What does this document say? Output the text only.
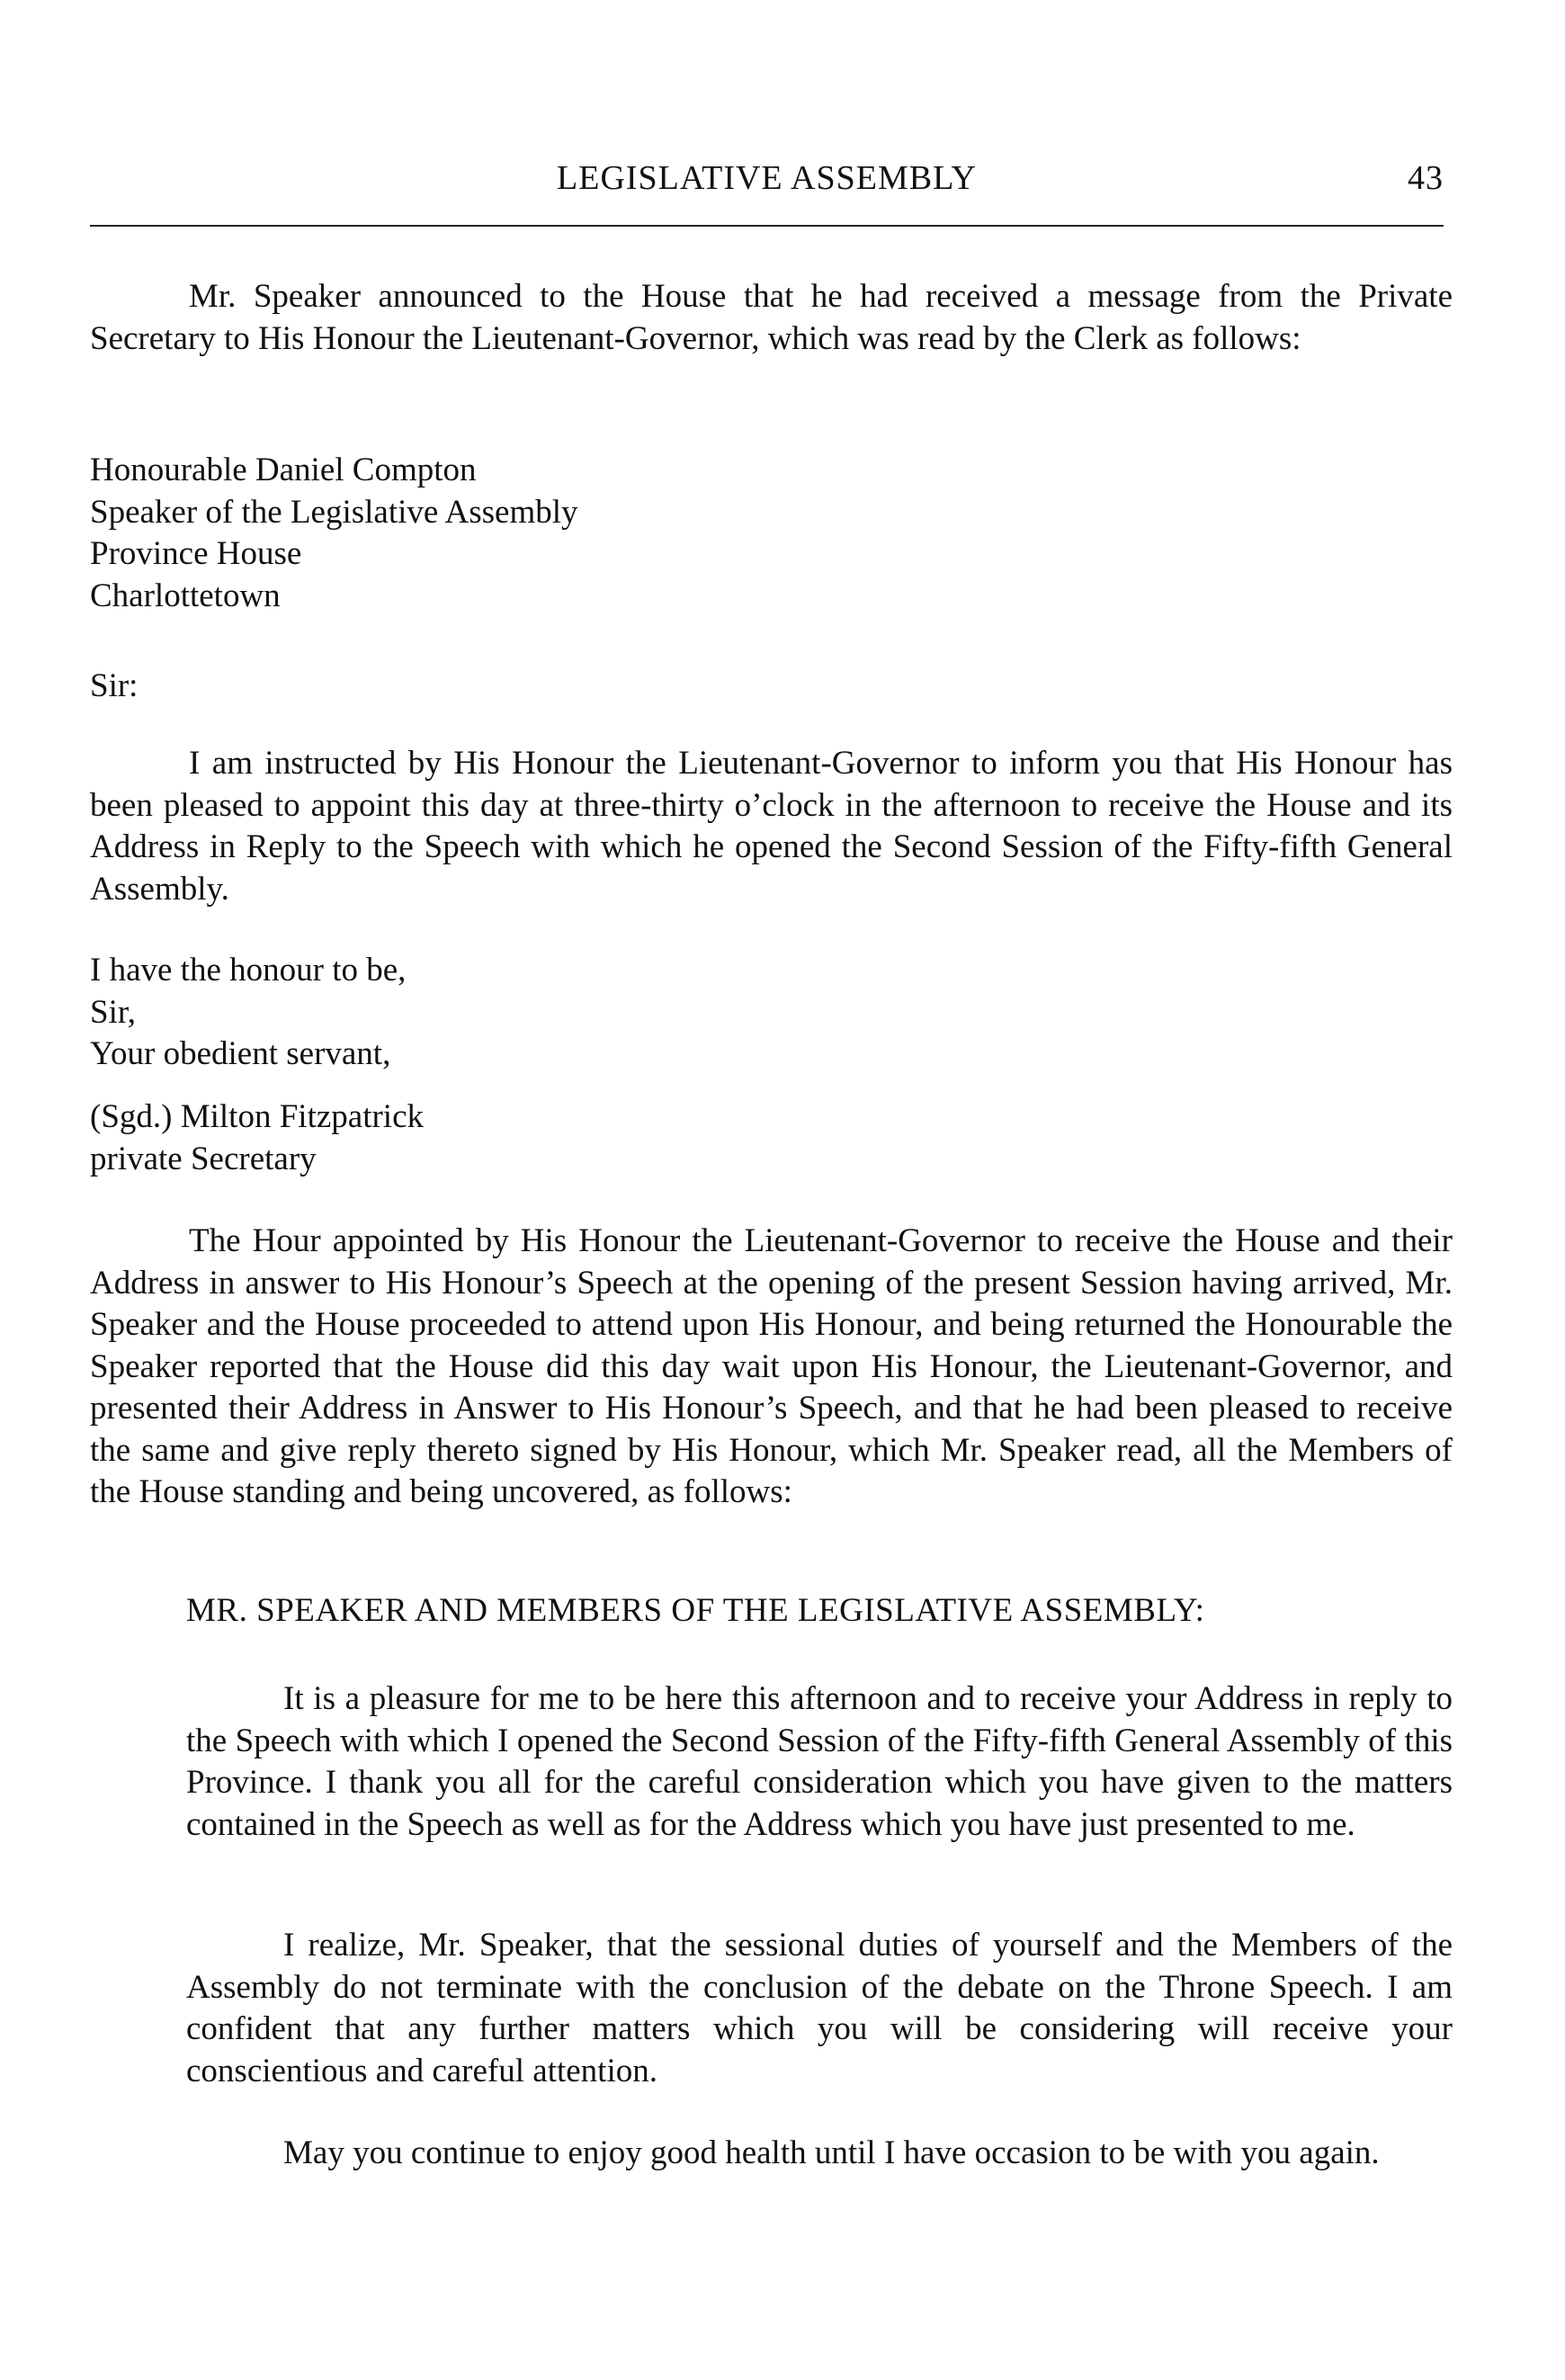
LEGISLATIVE ASSEMBLY	43

Mr. Speaker announced to the House that he had received a message from the Private Secretary to His Honour the Lieutenant-Governor, which was read by the Clerk as follows:

Honourable Daniel Compton
Speaker of the Legislative Assembly
Province House
Charlottetown
Sir:

I am instructed by His Honour the Lieutenant-Governor to inform you that His Honour has been pleased to appoint this day at three-thirty o’clock in the afternoon to receive the House and its Address in Reply to the Speech with which he opened the Second Session of the Fifty-fifth General Assembly.

I have the honour to be,
Sir,
Your obedient servant,
(Sgd.) Milton Fitzpatrick
private Secretary

The Hour appointed by His Honour the Lieutenant-Governor to receive the House and their Address in answer to His Honour’s Speech at the opening of the present Session having arrived, Mr. Speaker and the House proceeded to attend upon His Honour, and being returned the Honourable the Speaker reported that the House did this day wait upon His Honour, the Lieutenant-Governor, and presented their Address in Answer to His Honour’s Speech, and that he had been pleased to receive the same and give reply thereto signed by His Honour, which Mr. Speaker read, all the Members of the House standing and being uncovered, as follows:

MR. SPEAKER AND MEMBERS OF THE LEGISLATIVE ASSEMBLY:

It is a pleasure for me to be here this afternoon and to receive your Address in reply to the Speech with which I opened the Second Session of the Fifty-fifth General Assembly of this Province. I thank you all for the careful consideration which you have given to the matters contained in the Speech as well as for the Address which you have just presented to me.

I realize, Mr. Speaker, that the sessional duties of yourself and the Members of the Assembly do not terminate with the conclusion of the debate on the Throne Speech. I am confident that any further matters which you will be considering will receive your conscientious and careful attention.

May you continue to enjoy good health until I have occasion to be with you again.
